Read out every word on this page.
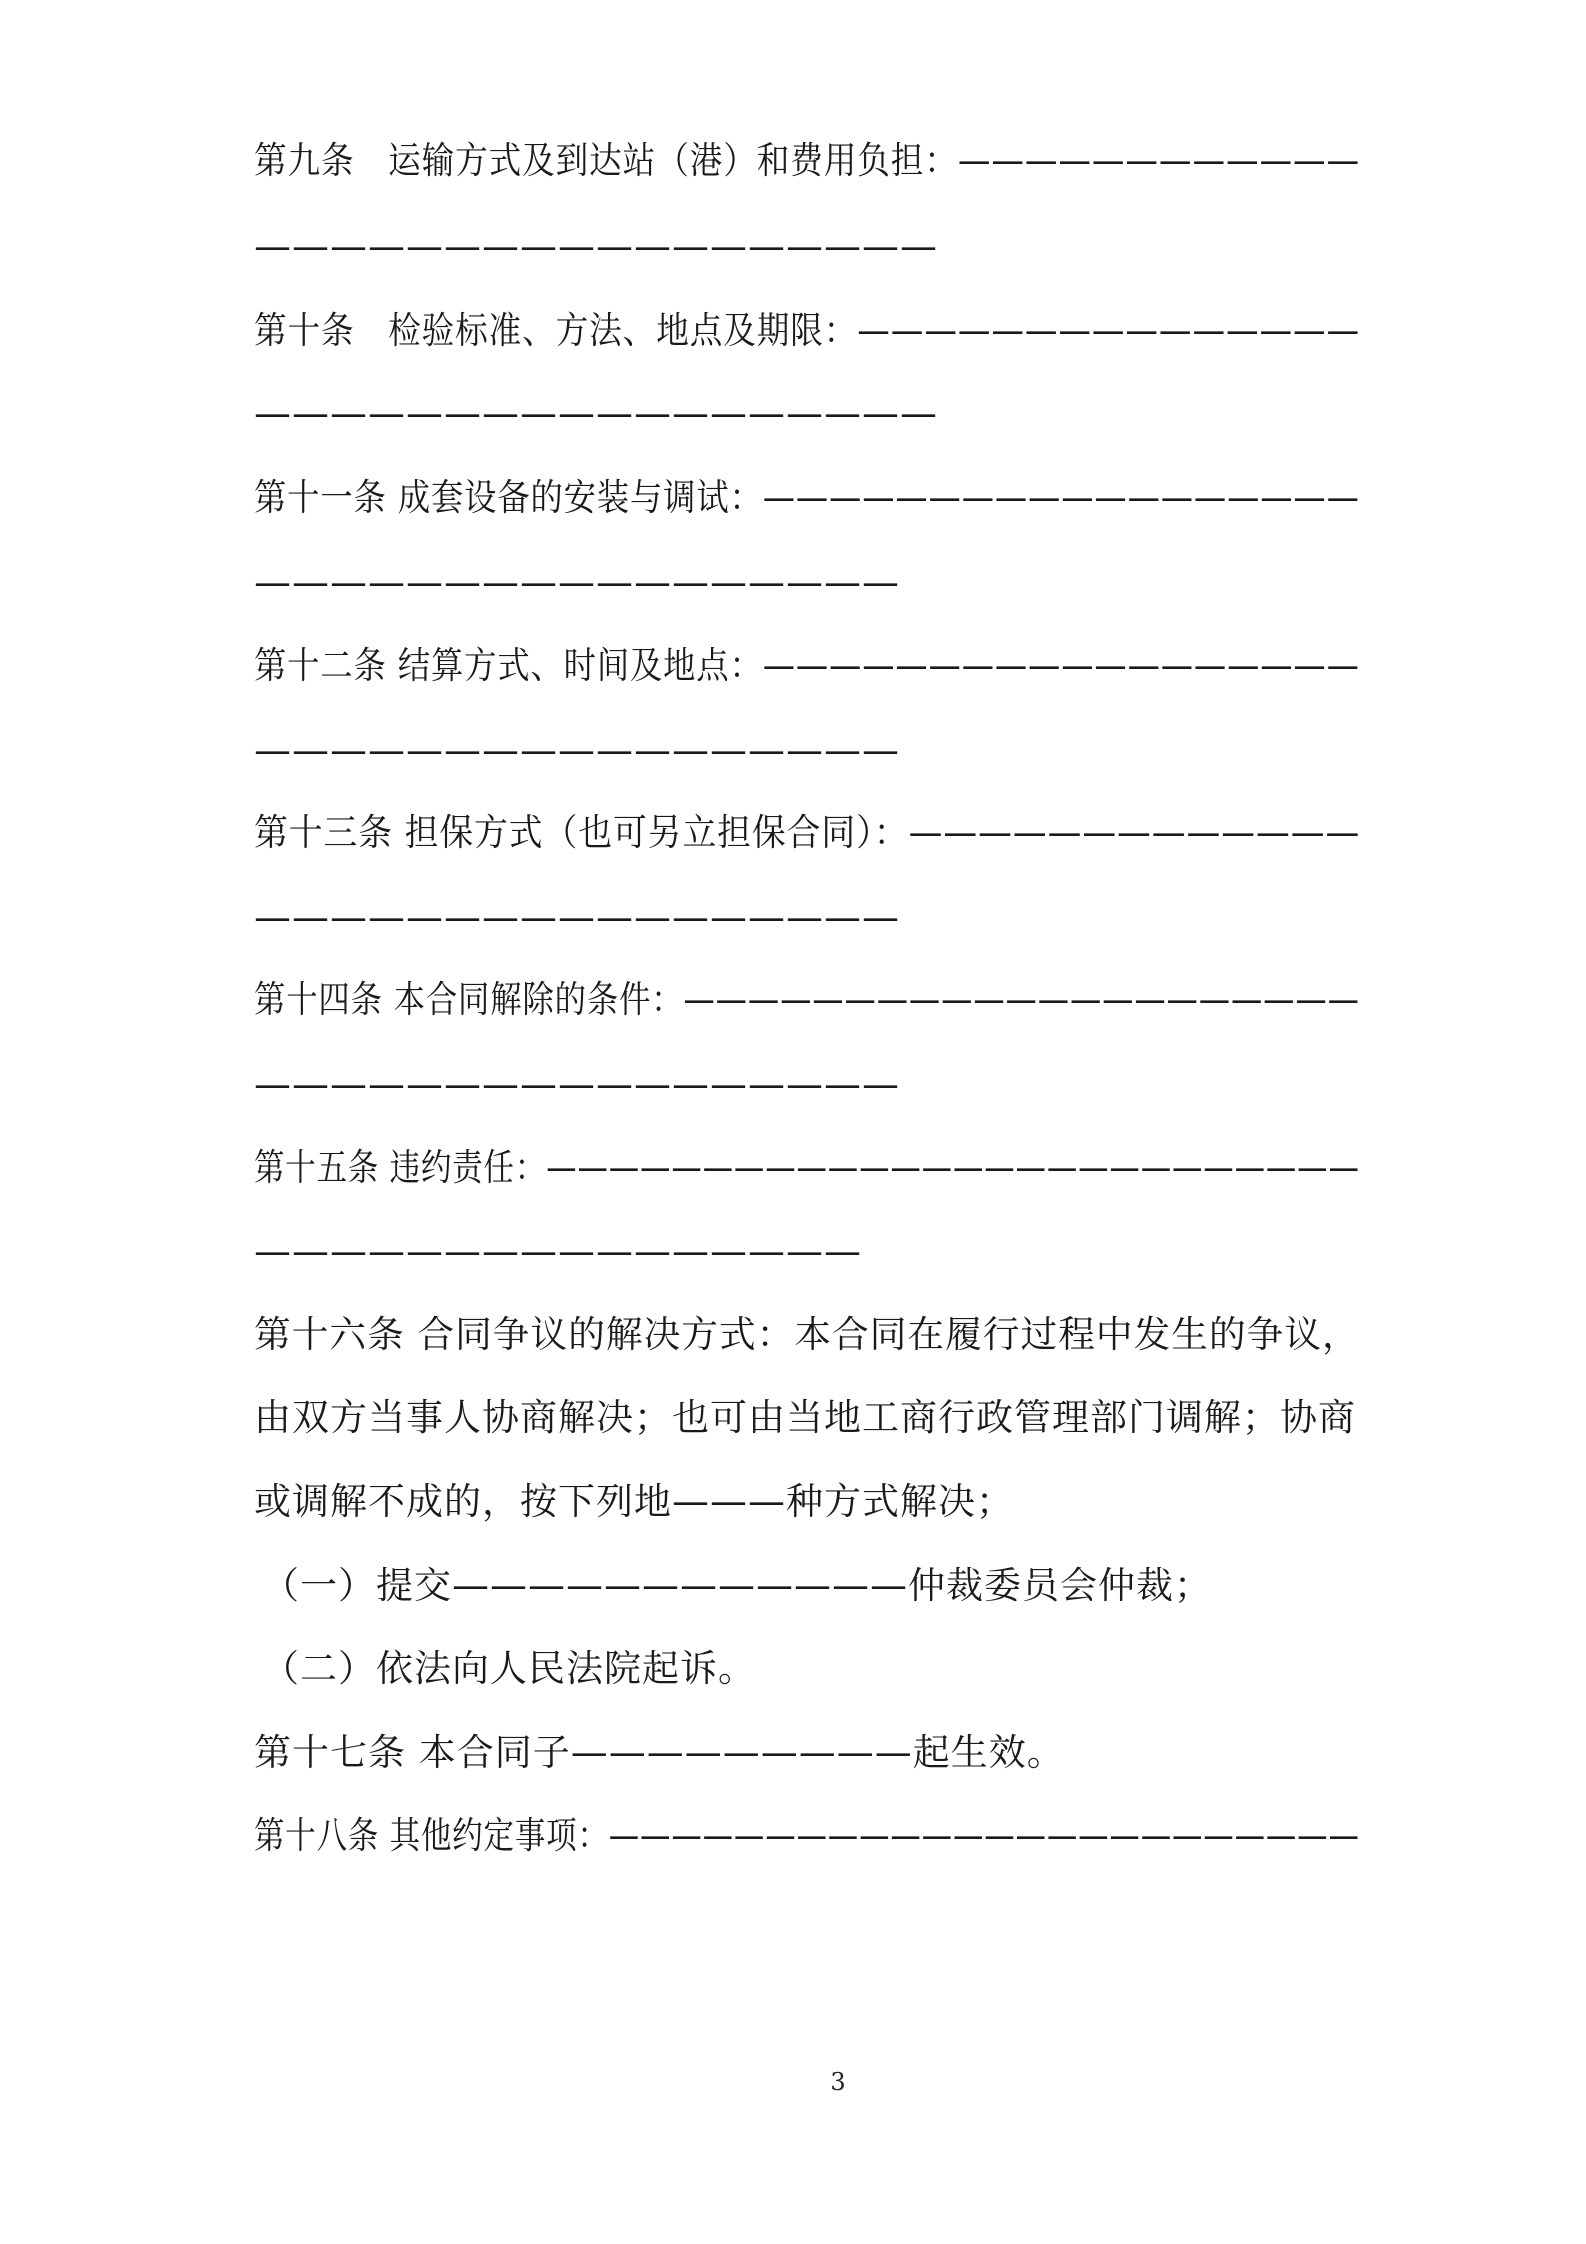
第九条　运输方式及到达站（港）和费用负担：————————————
——————————————————
第十条　检验标准、方法、地点及期限：———————————————
——————————————————
第十一条 成套设备的安装与调试：——————————————————
—————————————————
第十二条 结算方式、时间及地点：——————————————————
—————————————————
第十三条 担保方式（也可另立担保合同）：—————————————
—————————————————
第十四条 本合同解除的条件：—————————————————————
—————————————————
第十五条 违约责任：——————————————————————————
————————————————
第十六条 合同争议的解决方式：本合同在履行过程中发生的争议，
由双方当事人协商解决；也可由当地工商行政管理部门调解；协商
或调解不成的，按下列地———种方式解决；
（一）提交————————————仲裁委员会仲裁；
（二）依法向人民法院起诉。
第十七条 本合同子—————————起生效。
第十八条 其他约定事项：————————————————————————
3
